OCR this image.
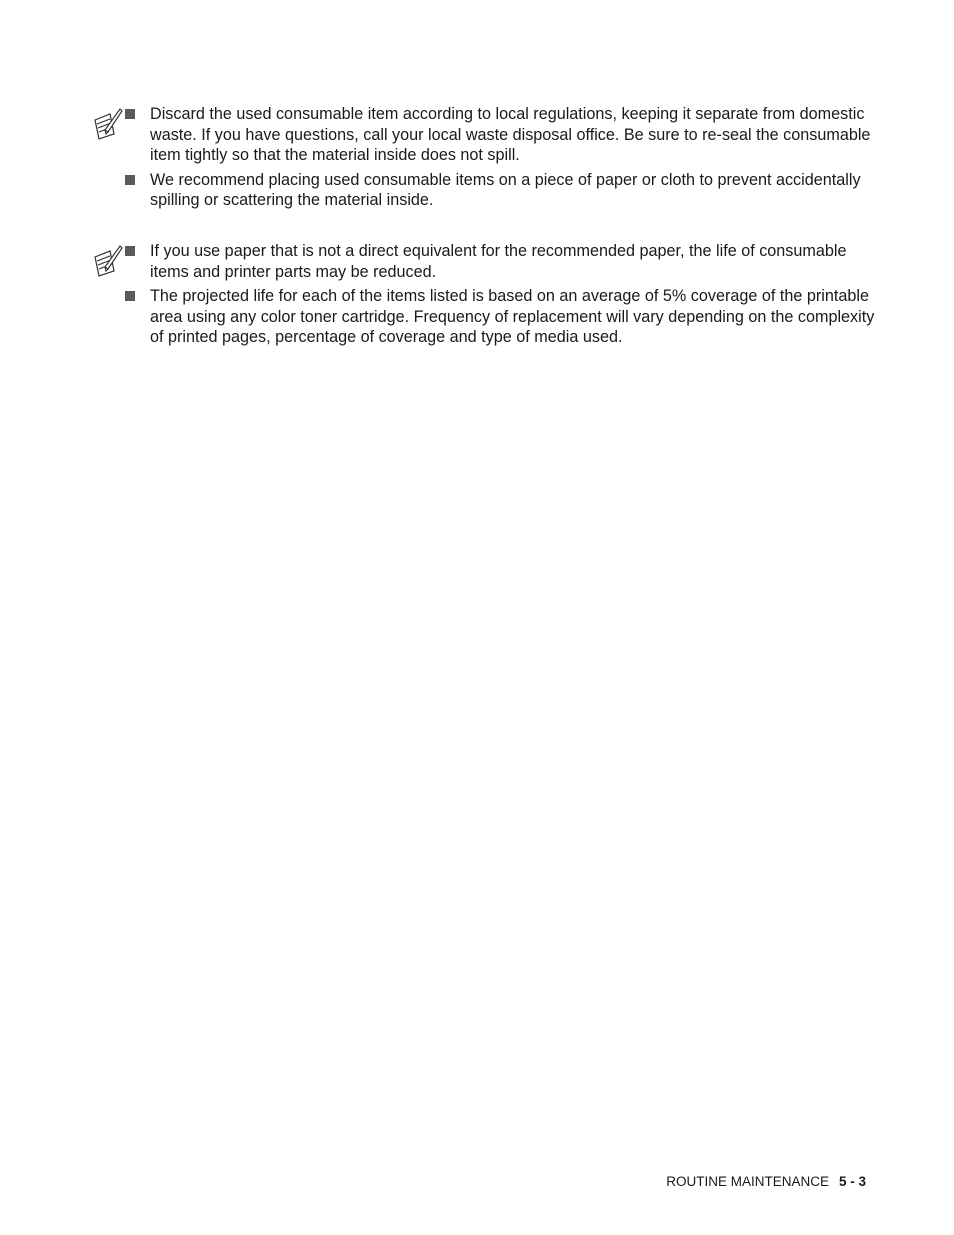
Discard the used consumable item according to local regulations, keeping it separate from domestic waste. If you have questions, call your local waste disposal office. Be sure to re-seal the consumable item tightly so that the material inside does not spill.
We recommend placing used consumable items on a piece of paper or cloth to prevent accidentally spilling or scattering the material inside.
If you use paper that is not a direct equivalent for the recommended paper, the life of consumable items and printer parts may be reduced.
The projected life for each of the items listed is based on an average of 5% coverage of the printable area using any color toner cartridge. Frequency of replacement will vary depending on the complexity of printed pages, percentage of coverage and type of media used.
ROUTINE MAINTENANCE 5 - 3
